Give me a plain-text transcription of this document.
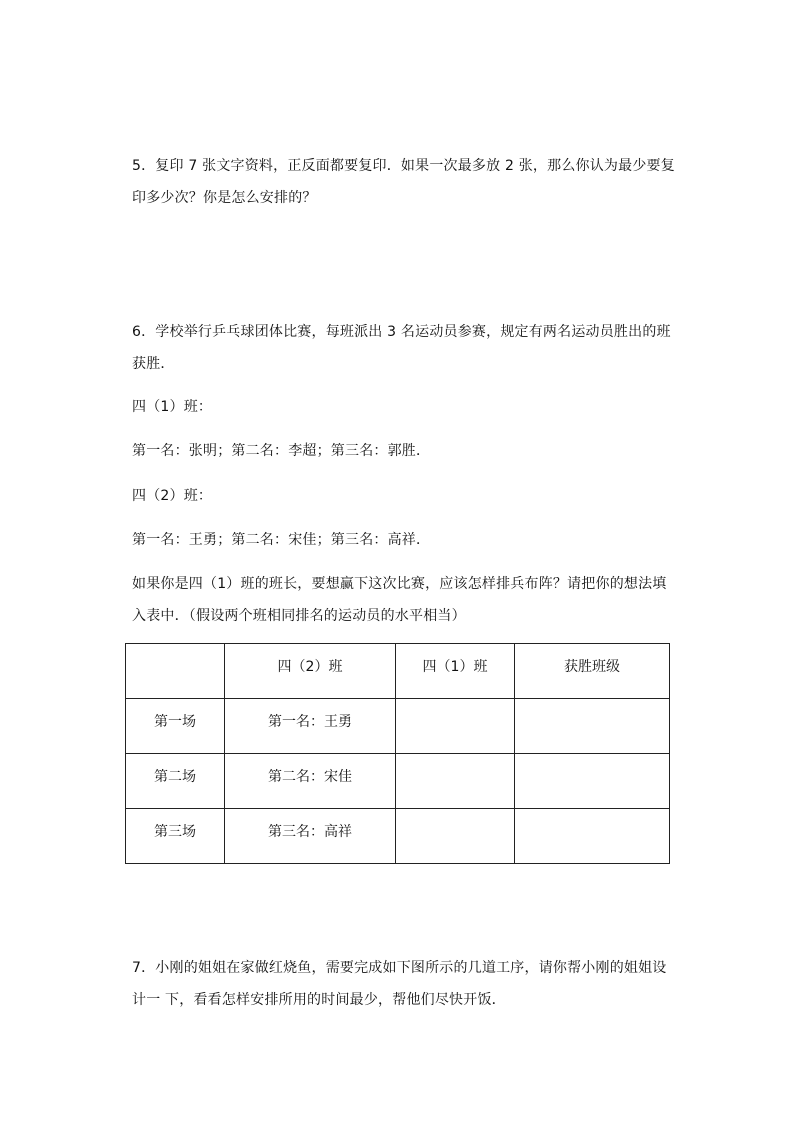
5．复印 7 张文字资料，正反面都要复印．如果一次最多放 2 张，那么你认为最少要复
印多少次？你是怎么安排的？
6．学校举行乒乓球团体比赛，每班派出 3 名运动员参赛，规定有两名运动员胜出的班
获胜．
四（1）班：
第一名：张明；第二名：李超；第三名：郭胜．
四（2）班：
第一名：王勇；第二名：宋佳；第三名：高祥．
如果你是四（1）班的班长，要想赢下这次比赛，应该怎样排兵布阵？请把你的想法填
入表中．（假设两个班相同排名的运动员的水平相当）
	四（2）班	四（1）班	获胜班级
第一场	第一名：王勇		
第二场	第二名：宋佳		
第三场	第三名：高祥		
7．小刚的姐姐在家做红烧鱼，需要完成如下图所示的几道工序，请你帮小刚的姐姐设
计一 下，看看怎样安排所用的时间最少，帮他们尽快开饭．
